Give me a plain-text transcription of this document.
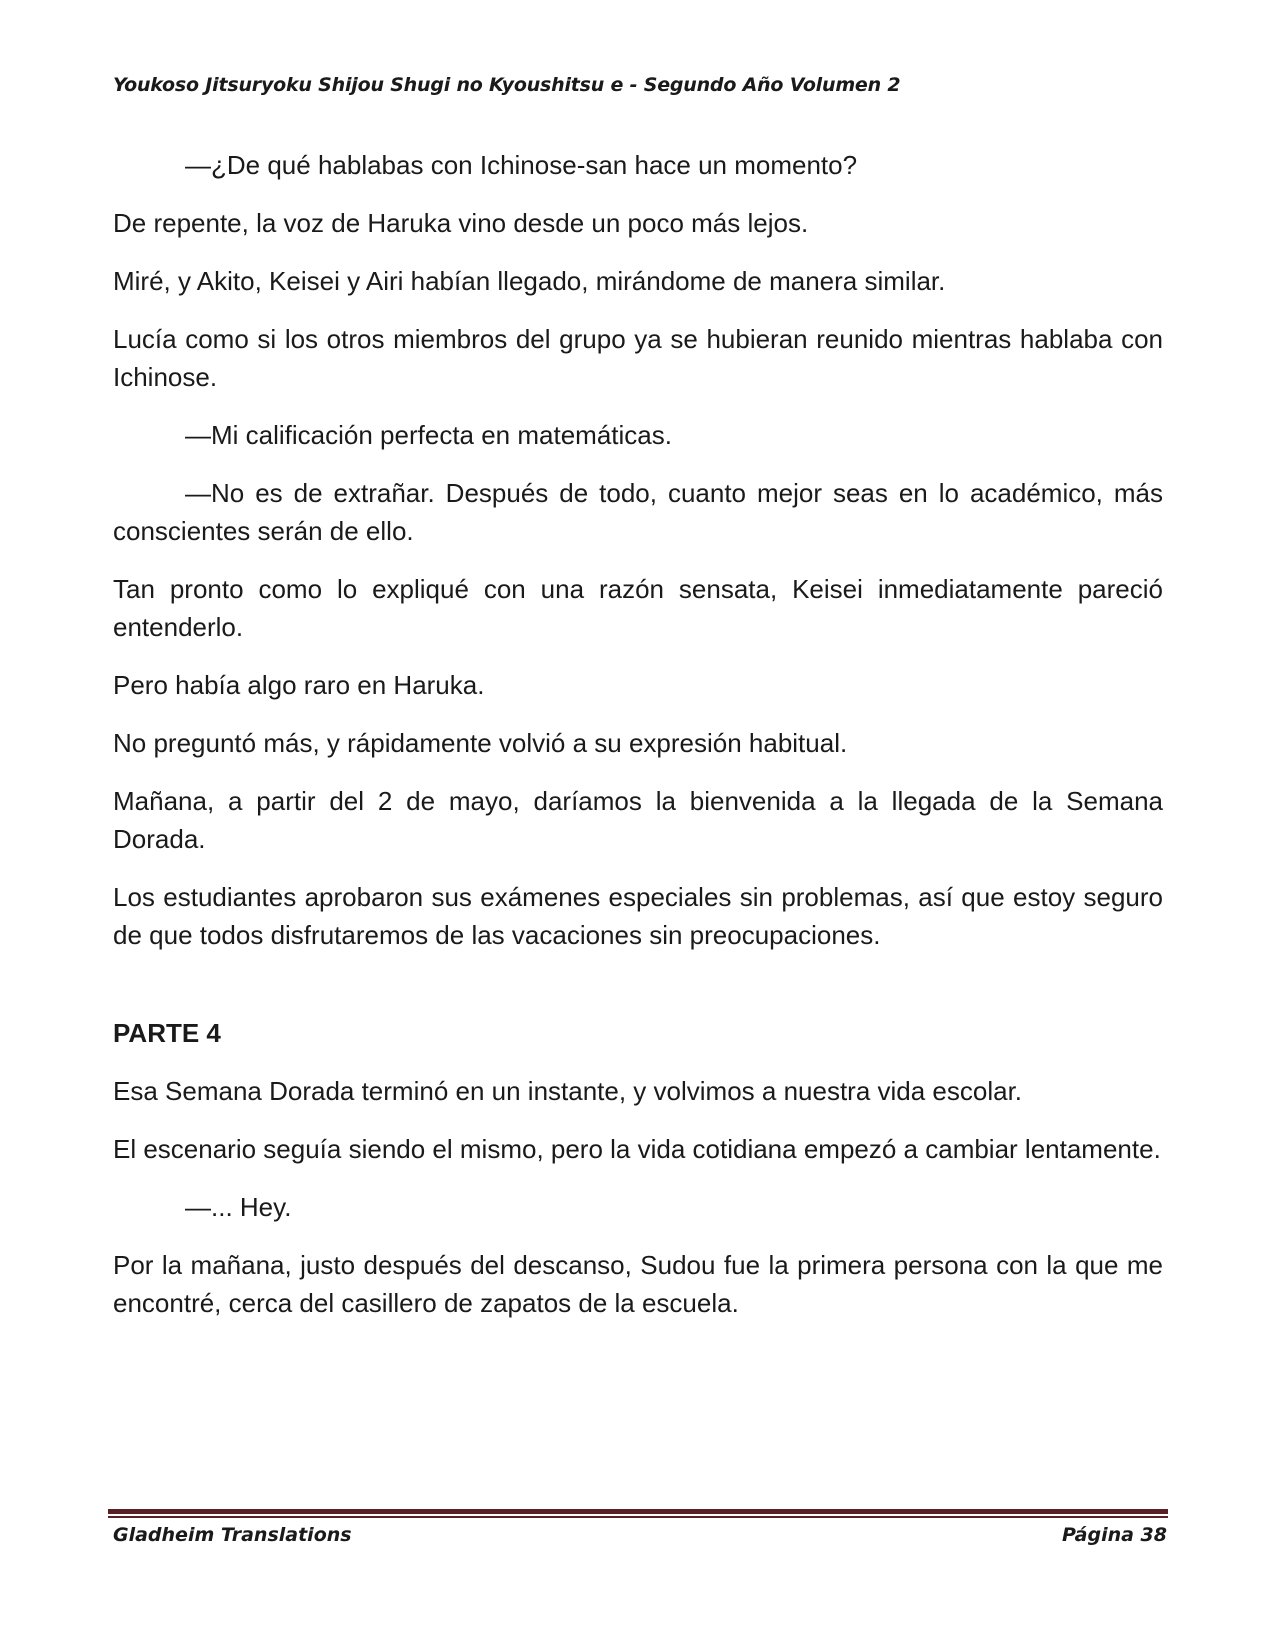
Youkoso Jitsuryoku Shijou Shugi no Kyoushitsu e - Segundo Año Volumen 2

—¿De qué hablabas con Ichinose-san hace un momento?

De repente, la voz de Haruka vino desde un poco más lejos.

Miré, y Akito, Keisei y Airi habían llegado, mirándome de manera similar.

Lucía como si los otros miembros del grupo ya se hubieran reunido mientras hablaba con Ichinose.

—Mi calificación perfecta en matemáticas.

—No es de extrañar. Después de todo, cuanto mejor seas en lo académico, más conscientes serán de ello.

Tan pronto como lo expliqué con una razón sensata, Keisei inmediatamente pareció entenderlo.

Pero había algo raro en Haruka.

No preguntó más, y rápidamente volvió a su expresión habitual.

Mañana, a partir del 2 de mayo, daríamos la bienvenida a la llegada de la Semana Dorada.

Los estudiantes aprobaron sus exámenes especiales sin problemas, así que estoy seguro de que todos disfrutaremos de las vacaciones sin preocupaciones.

PARTE 4

Esa Semana Dorada terminó en un instante, y volvimos a nuestra vida escolar.

El escenario seguía siendo el mismo, pero la vida cotidiana empezó a cambiar lentamente.

—... Hey.

Por la mañana, justo después del descanso, Sudou fue la primera persona con la que me encontré, cerca del casillero de zapatos de la escuela.

Gladheim Translations	Página 38
